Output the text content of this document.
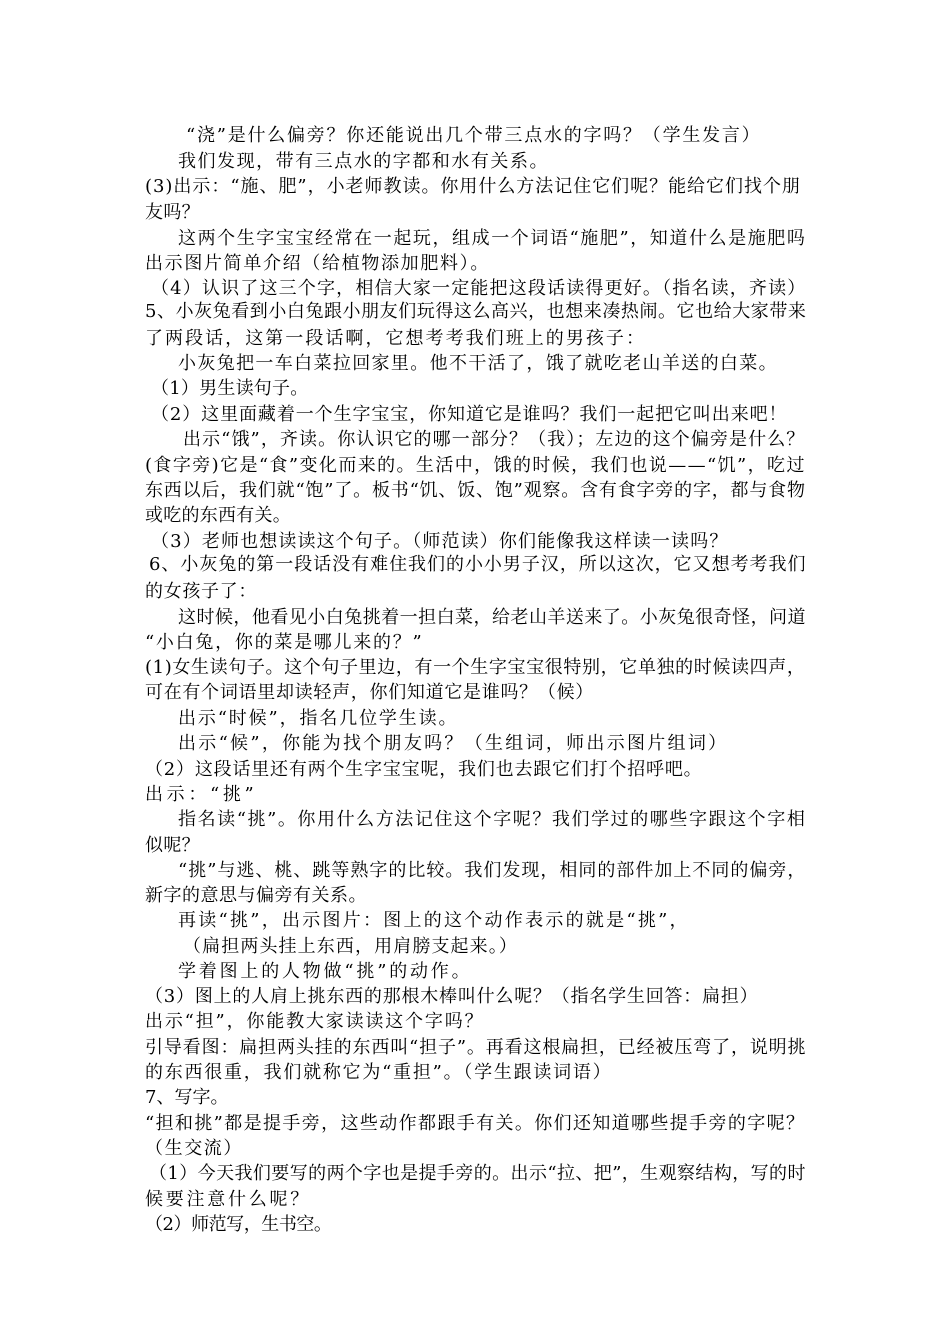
“浇”是什么偏旁？你还能说出几个带三点水的字吗？（学生发言）
我们发现，带有三点水的字都和水有关系。
(3)出示：“施、肥”，小老师教读。你用什么方法记住它们呢？能给它们找个朋
友吗？
这两个生字宝宝经常在一起玩，组成一个词语“施肥”，知道什么是施肥吗
出示图片简单介绍（给植物添加肥料）。
（4）认识了这三个字，相信大家一定能把这段话读得更好。（指名读，齐读）
5、小灰兔看到小白兔跟小朋友们玩得这么高兴，也想来凑热闹。它也给大家带来
了两段话，这第一段话啊，它想考考我们班上的男孩子：
小灰兔把一车白菜拉回家里。他不干活了，饿了就吃老山羊送的白菜。
（1）男生读句子。
（2）这里面藏着一个生字宝宝，你知道它是谁吗？我们一起把它叫出来吧！
出示“饿”，齐读。你认识它的哪一部分？（我）；左边的这个偏旁是什么？
(食字旁)它是“食”变化而来的。生活中，饿的时候，我们也说——“饥”，吃过
东西以后，我们就“饱”了。板书“饥、饭、饱”观察。含有食字旁的字，都与食物
或吃的东西有关。
（3）老师也想读读这个句子。（师范读）你们能像我这样读一读吗？
6、小灰兔的第一段话没有难住我们的小小男子汉，所以这次，它又想考考我们
的女孩子了：
这时候，他看见小白兔挑着一担白菜，给老山羊送来了。小灰兔很奇怪，问道
“小白兔，你的菜是哪儿来的？”
(1)女生读句子。这个句子里边，有一个生字宝宝很特别，它单独的时候读四声，
可在有个词语里却读轻声，你们知道它是谁吗？（候）
出示“时候”，指名几位学生读。
出示“候”，你能为找个朋友吗？（生组词，师出示图片组词）
（2）这段话里还有两个生字宝宝呢，我们也去跟它们打个招呼吧。
出示：“挑”
指名读“挑”。你用什么方法记住这个字呢？我们学过的哪些字跟这个字相
似呢？
“挑”与逃、桃、跳等熟字的比较。我们发现，相同的部件加上不同的偏旁，
新字的意思与偏旁有关系。
再读“挑”，出示图片：图上的这个动作表示的就是“挑”，
（扁担两头挂上东西，用肩膀支起来。）
学着图上的人物做“挑”的动作。
（3）图上的人肩上挑东西的那根木棒叫什么呢？（指名学生回答：扁担）
出示“担”，你能教大家读读这个字吗？
引导看图：扁担两头挂的东西叫“担子”。再看这根扁担，已经被压弯了，说明挑
的东西很重，我们就称它为“重担”。（学生跟读词语）
7、写字。
“担和挑”都是提手旁，这些动作都跟手有关。你们还知道哪些提手旁的字呢？
（生交流）
（1）今天我们要写的两个字也是提手旁的。出示“拉、把”，生观察结构，写的时
候要注意什么呢？
（2）师范写，生书空。
